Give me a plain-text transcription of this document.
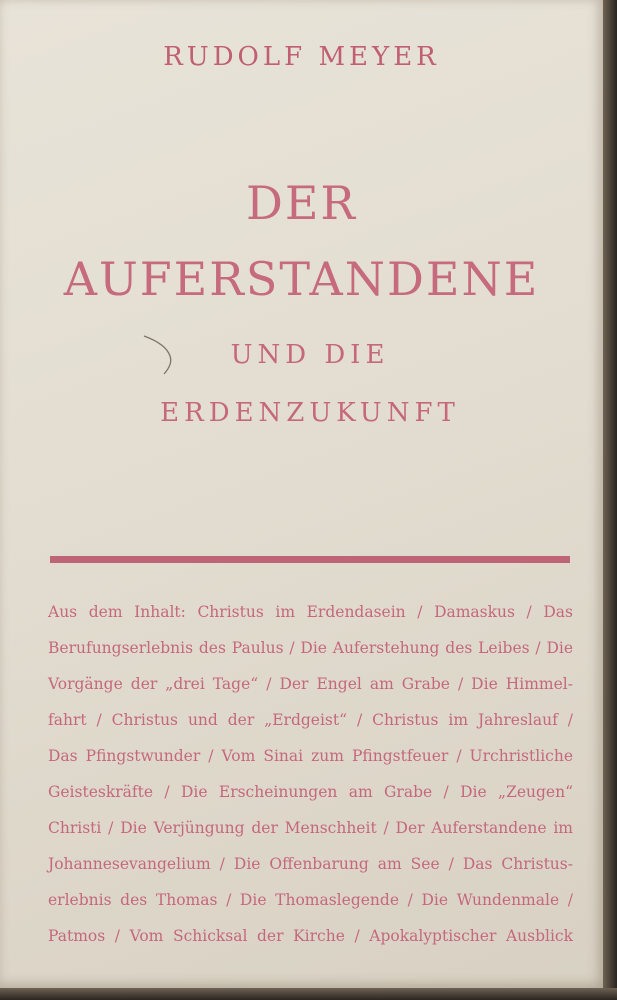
RUDOLF MEYER
DER
AUFERSTANDENE
UND DIE
ERDENZUKUNFT
Aus dem Inhalt: Christus im Erdendasein / Damaskus / Das
Berufungserlebnis des Paulus / Die Auferstehung des Leibes / Die
Vorgänge der „drei Tage“ / Der Engel am Grabe / Die Himmel-
fahrt / Christus und der „Erdgeist“ / Christus im Jahreslauf /
Das Pfingstwunder / Vom Sinai zum Pfingstfeuer / Urchristliche
Geisteskräfte / Die Erscheinungen am Grabe / Die „Zeugen“
Christi / Die Verjüngung der Menschheit / Der Auferstandene im
Johannesevangelium / Die Offenbarung am See / Das Christus-
erlebnis des Thomas / Die Thomaslegende / Die Wundenmale /
Patmos / Vom Schicksal der Kirche / Apokalyptischer Ausblick
